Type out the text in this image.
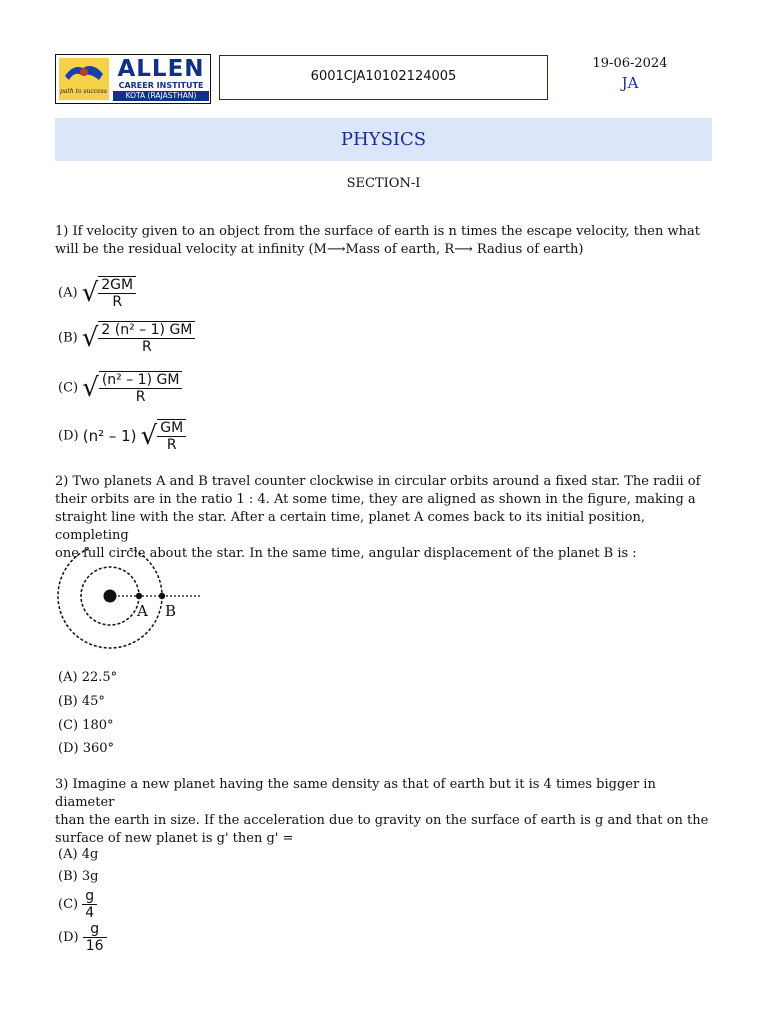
path to success
ALLEN
CAREER INSTITUTE
KOTA (RAJASTHAN)
6001CJA10102124005
19-06-2024
JA
PHYSICS
SECTION-I
1) If velocity given to an object from the surface of earth is n times the escape velocity, then what
will be the residual velocity at infinity (M⟶Mass of earth, R⟶ Radius of earth)
(A) √ $\frac{2GM}{R}$
(B) √ $\frac{\text{2 (n² – 1) GM}}{R}$
(C) √ $\frac{\text{(n² – 1) GM}}{R}$
(D) (n² – 1) √ $\frac{GM}{R}$
2) Two planets A and B travel counter clockwise in circular orbits around a fixed star. The radii of
their orbits are in the ratio 1 : 4. At some time, they are aligned as shown in the figure, making a
straight line with the star. After a certain time, planet A comes back to its initial position, completing
one full circle about the star. In the same time, angular displacement of the planet B is :
A B
(A) 22.5°
(B) 45°
(C) 180°
(D) 360°
3) Imagine a new planet having the same density as that of earth but it is 4 times bigger in diameter
than the earth in size. If the acceleration due to gravity on the surface of earth is g and that on the
surface of new planet is g' then g' =
(A) 4g
(B) 3g
$(C) \frac{g}{4}$
$(D) \frac{g}{16}$
